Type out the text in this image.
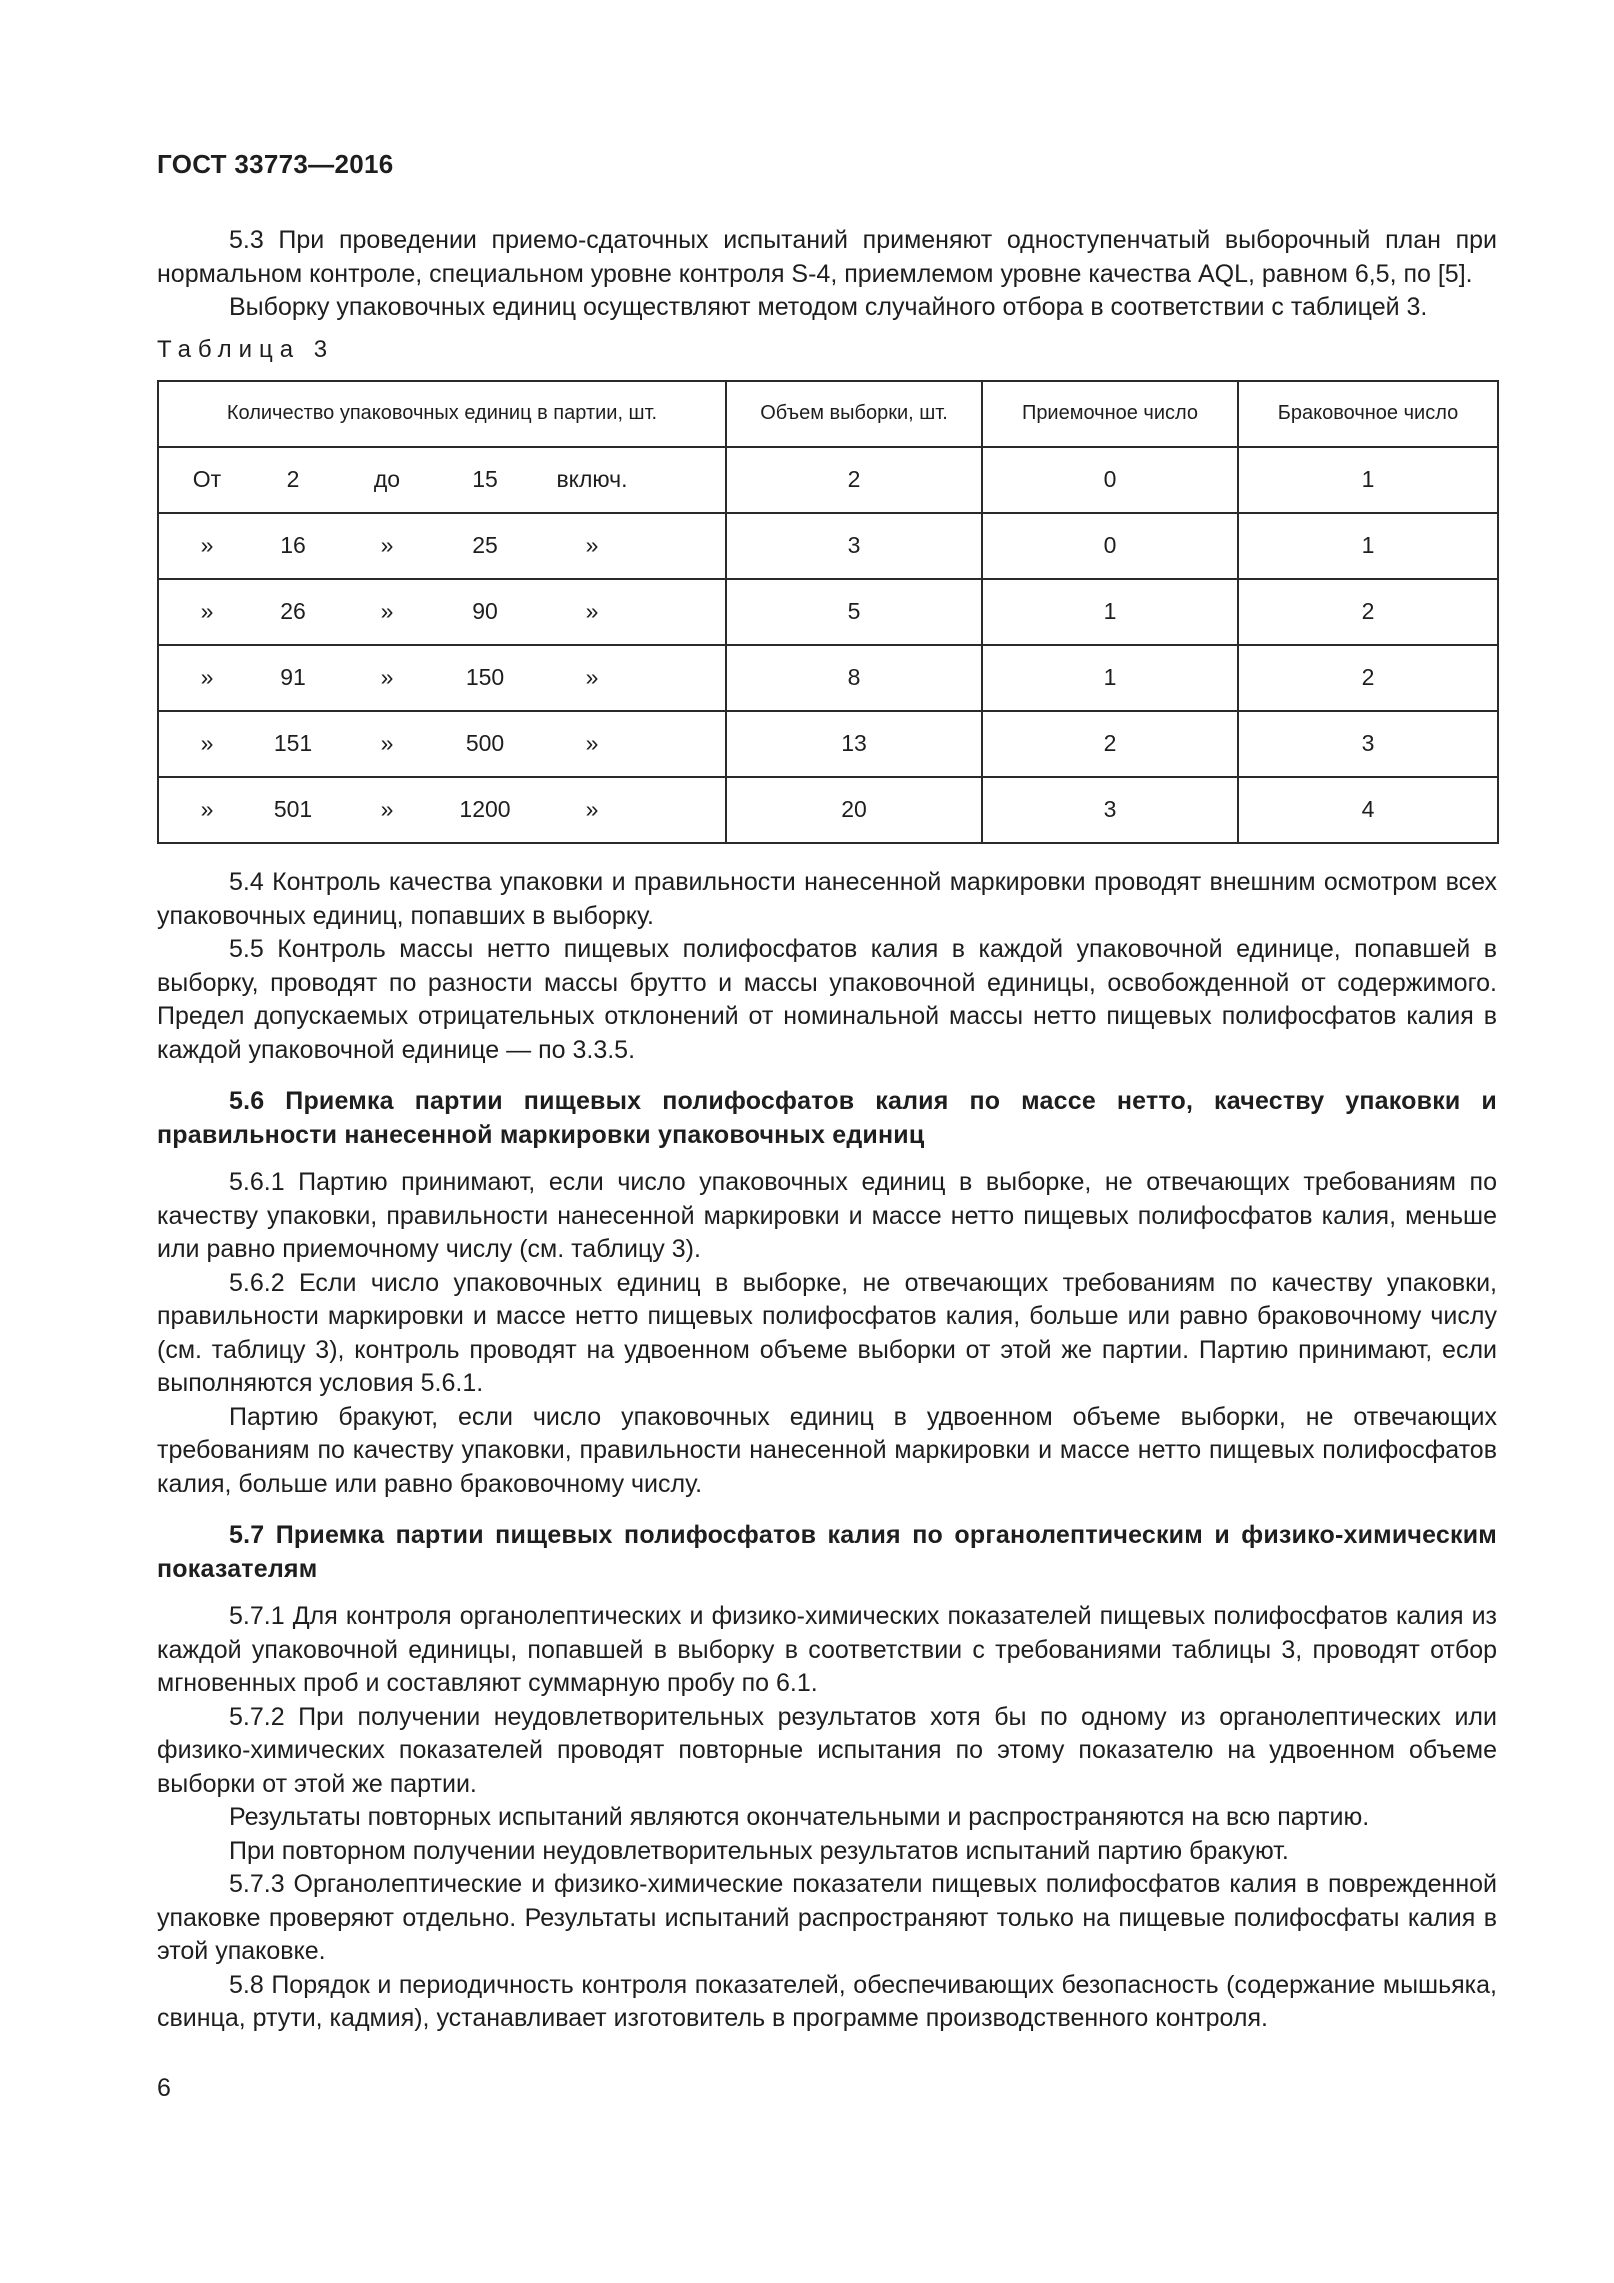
ГОСТ 33773—2016

5.3 При проведении приемо-сдаточных испытаний применяют одноступенчатый выборочный план при нормальном контроле, специальном уровне контроля S-4, приемлемом уровне качества AQL, равном 6,5, по [5].

Выборку упаковочных единиц осуществляют методом случайного отбора в соответствии с таблицей 3.

Таблица 3
Количество упаковочных единиц в партии, шт.	Объем выборки, шт.	Приемочное число	Браковочное число

От 2 до 15 включ.	2	0	1

» 16 » 25 »	3	0	1

» 26 » 90 »	5	1	2

» 91 » 150 »	8	1	2

» 151 » 500 »	13	2	3

» 501 » 1200 »	20	3	4

5.4 Контроль качества упаковки и правильности нанесенной маркировки проводят внешним осмотром всех упаковочных единиц, попавших в выборку.

5.5 Контроль массы нетто пищевых полифосфатов калия в каждой упаковочной единице, попавшей в выборку, проводят по разности массы брутто и массы упаковочной единицы, освобожденной от содержимого. Предел допускаемых отрицательных отклонений от номинальной массы нетто пищевых полифосфатов калия в каждой упаковочной единице — по 3.3.5.

5.6 Приемка партии пищевых полифосфатов калия по массе нетто, качеству упаковки и правильности нанесенной маркировки упаковочных единиц

5.6.1 Партию принимают, если число упаковочных единиц в выборке, не отвечающих требованиям по качеству упаковки, правильности нанесенной маркировки и массе нетто пищевых полифосфатов калия, меньше или равно приемочному числу (см. таблицу 3).

5.6.2 Если число упаковочных единиц в выборке, не отвечающих требованиям по качеству упаковки, правильности маркировки и массе нетто пищевых полифосфатов калия, больше или равно браковочному числу (см. таблицу 3), контроль проводят на удвоенном объеме выборки от этой же партии. Партию принимают, если выполняются условия 5.6.1.

Партию бракуют, если число упаковочных единиц в удвоенном объеме выборки, не отвечающих требованиям по качеству упаковки, правильности нанесенной маркировки и массе нетто пищевых полифосфатов калия, больше или равно браковочному числу.

5.7 Приемка партии пищевых полифосфатов калия по органолептическим и физико-химическим показателям

5.7.1 Для контроля органолептических и физико-химических показателей пищевых полифосфатов калия из каждой упаковочной единицы, попавшей в выборку в соответствии с требованиями таблицы 3, проводят отбор мгновенных проб и составляют суммарную пробу по 6.1.

5.7.2 При получении неудовлетворительных результатов хотя бы по одному из органолептических или физико-химических показателей проводят повторные испытания по этому показателю на удвоенном объеме выборки от этой же партии.

Результаты повторных испытаний являются окончательными и распространяются на всю партию.

При повторном получении неудовлетворительных результатов испытаний партию бракуют.

5.7.3 Органолептические и физико-химические показатели пищевых полифосфатов калия в поврежденной упаковке проверяют отдельно. Результаты испытаний распространяют только на пищевые полифосфаты калия в этой упаковке.

5.8 Порядок и периодичность контроля показателей, обеспечивающих безопасность (содержание мышьяка, свинца, ртути, кадмия), устанавливает изготовитель в программе производственного контроля.

6
